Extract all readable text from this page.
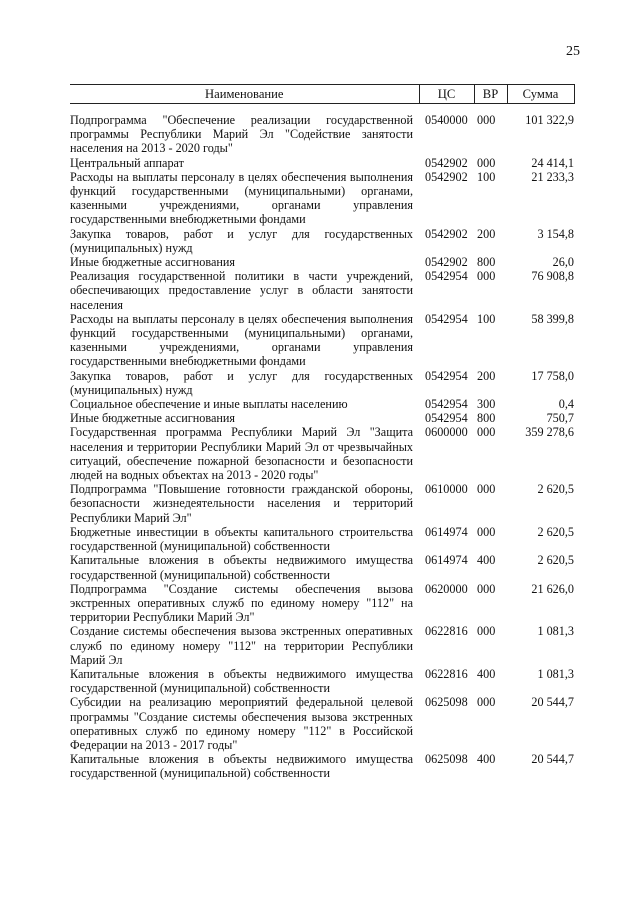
25
Наименование	ЦС	ВР	Сумма
Подпрограмма "Обеспечение реализации государственной программы Республики Марий Эл "Содействие занятости населения на 2013 - 2020 годы"	0540000	000	101 322,9
Центральный аппарат	0542902	000	24 414,1
Расходы на выплаты персоналу в целях обеспечения выполнения функций государственными (муниципальными) органами, казенными учреждениями, органами управления государственными внебюджетными фондами	0542902	100	21 233,3
Закупка товаров, работ и услуг для государственных (муниципальных) нужд	0542902	200	3 154,8
Иные бюджетные ассигнования	0542902	800	26,0
Реализация государственной политики в части учреждений, обеспечивающих предоставление услуг в области занятости населения	0542954	000	76 908,8
Расходы на выплаты персоналу в целях обеспечения выполнения функций государственными (муниципальными) органами, казенными учреждениями, органами управления государственными внебюджетными фондами	0542954	100	58 399,8
Закупка товаров, работ и услуг для государственных (муниципальных) нужд	0542954	200	17 758,0
Социальное обеспечение и иные выплаты населению	0542954	300	0,4
Иные бюджетные ассигнования	0542954	800	750,7
Государственная программа Республики Марий Эл "Защита населения и территории Республики Марий Эл от чрезвычайных ситуаций, обеспечение пожарной безопасности и безопасности людей на водных объектах на 2013 - 2020 годы"	0600000	000	359 278,6
Подпрограмма "Повышение готовности гражданской обороны, безопасности жизнедеятельности населения и территорий Республики Марий Эл"	0610000	000	2 620,5
Бюджетные инвестиции в объекты капитального строительства государственной (муниципальной) собственности	0614974	000	2 620,5
Капитальные вложения в объекты недвижимого имущества государственной (муниципальной) собственности	0614974	400	2 620,5
Подпрограмма "Создание системы обеспечения вызова экстренных оперативных служб по единому номеру "112" на территории Республики Марий Эл"	0620000	000	21 626,0
Создание системы обеспечения вызова экстренных оперативных служб по единому номеру "112" на территории Республики Марий Эл	0622816	000	1 081,3
Капитальные вложения в объекты недвижимого имущества государственной (муниципальной) собственности	0622816	400	1 081,3
Субсидии на реализацию мероприятий федеральной целевой программы "Создание системы обеспечения вызова экстренных оперативных служб по единому номеру "112" в Российской Федерации на 2013 - 2017 годы"	0625098	000	20 544,7
Капитальные вложения в объекты недвижимого имущества государственной (муниципальной) собственности	0625098	400	20 544,7
